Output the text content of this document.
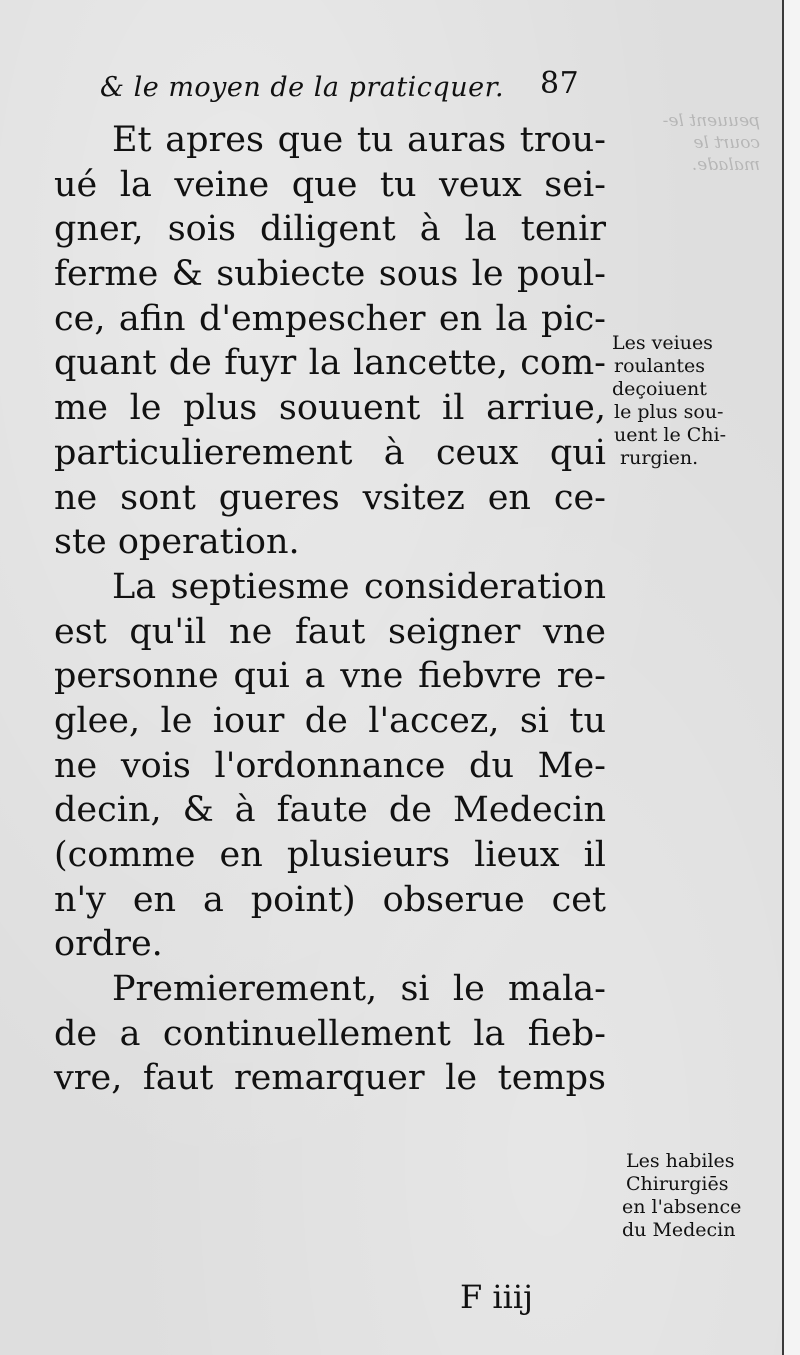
peuuent le-
court le
malade.
& le moyen de la praticquer. 87
Et apres que tu auras trou-
ué la veine que tu veux sei-
gner, sois diligent à la tenir
ferme & subiecte sous le poul-
ce, afin d'empescher en la pic-
quant de fuyr la lancette, com-
me le plus souuent il arriue,
particulierement à ceux qui
ne sont gueres vsitez en ce-
ste operation.
La septiesme consideration
est qu'il ne faut seigner vne
personne qui a vne fiebvre re-
glee, le iour de l'accez, si tu
ne vois l'ordonnance du Me-
decin, & à faute de Medecin
(comme en plusieurs lieux il
n'y en a point) obserue cet
ordre.
Premierement, si le mala-
de a continuellement la fieb-
vre, faut remarquer le temps
Les veiues
roulantes
deçoiuent
le plus sou-
uent le Chi-
rurgien.
Les habiles
Chirurgiēs
en l'absence
du Medecin
F iiij
